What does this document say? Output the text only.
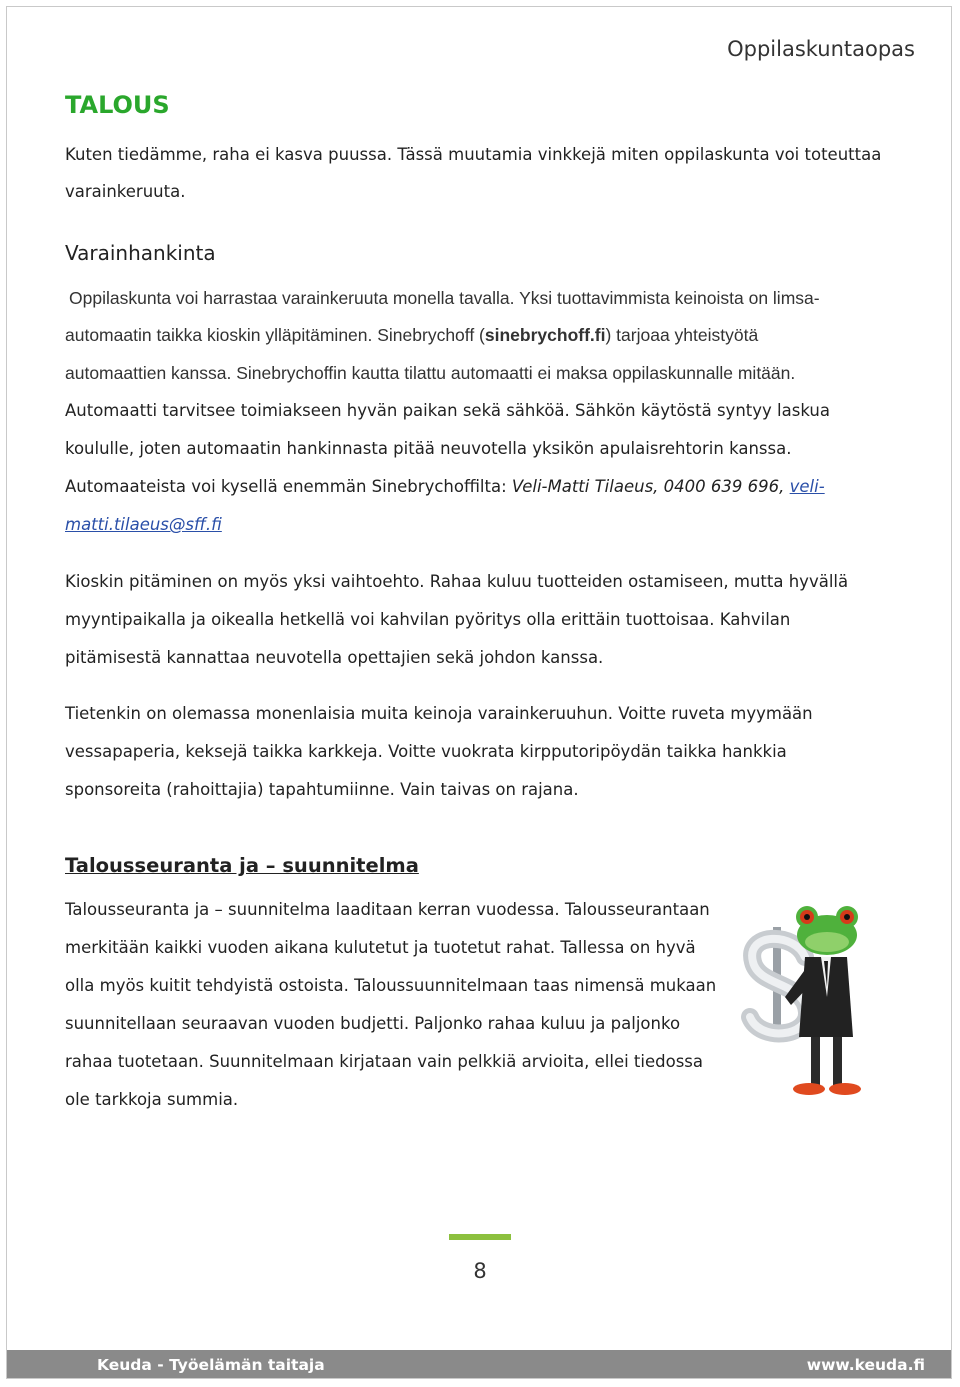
Oppilaskuntaopas
TALOUS
Kuten tiedämme, raha ei kasva puussa. Tässä muutamia vinkkejä miten oppilaskunta voi toteuttaa
varainkeruuta.
Varainhankinta
Oppilaskunta voi harrastaa varainkeruuta monella tavalla. Yksi tuottavimmista keinoista on limsa-
automaatin taikka kioskin ylläpitäminen. Sinebrychoff (sinebrychoff.fi) tarjoaa yhteistyötä
automaattien kanssa. Sinebrychoffin kautta tilattu automaatti ei maksa oppilaskunnalle mitään.
Automaatti tarvitsee toimiakseen hyvän paikan sekä sähköä. Sähkön käytöstä syntyy laskua
koululle, joten automaatin hankinnasta pitää neuvotella yksikön apulaisrehtorin kanssa.
Automaateista voi kysellä enemmän Sinebrychoffilta: Veli-Matti Tilaeus, 0400 639 696, veli-
matti.tilaeus@sff.fi
Kioskin pitäminen on myös yksi vaihtoehto. Rahaa kuluu tuotteiden ostamiseen, mutta hyvällä
myyntipaikalla ja oikealla hetkellä voi kahvilan pyöritys olla erittäin tuottoisaa. Kahvilan
pitämisestä kannattaa neuvotella opettajien sekä johdon kanssa.
Tietenkin on olemassa monenlaisia muita keinoja varainkeruuhun. Voitte ruveta myymään
vessapaperia, keksejä taikka karkkeja. Voitte vuokrata kirpputoripöydän taikka hankkia
sponsoreita (rahoittajia) tapahtumiinne. Vain taivas on rajana.
Talousseuranta ja – suunnitelma
Talousseuranta ja – suunnitelma laaditaan kerran vuodessa. Talousseurantaan
merkitään kaikki vuoden aikana kulutetut ja tuotetut rahat. Tallessa on hyvä
olla myös kuitit tehdyistä ostoista. Taloussuunnitelmaan taas nimensä mukaan
suunnitellaan seuraavan vuoden budjetti. Paljonko rahaa kuluu ja paljonko
rahaa tuotetaan. Suunnitelmaan kirjataan vain pelkkiä arvioita, ellei tiedossa
ole tarkkoja summia.
8
Keuda - Työelämän taitaja	www.keuda.fi
